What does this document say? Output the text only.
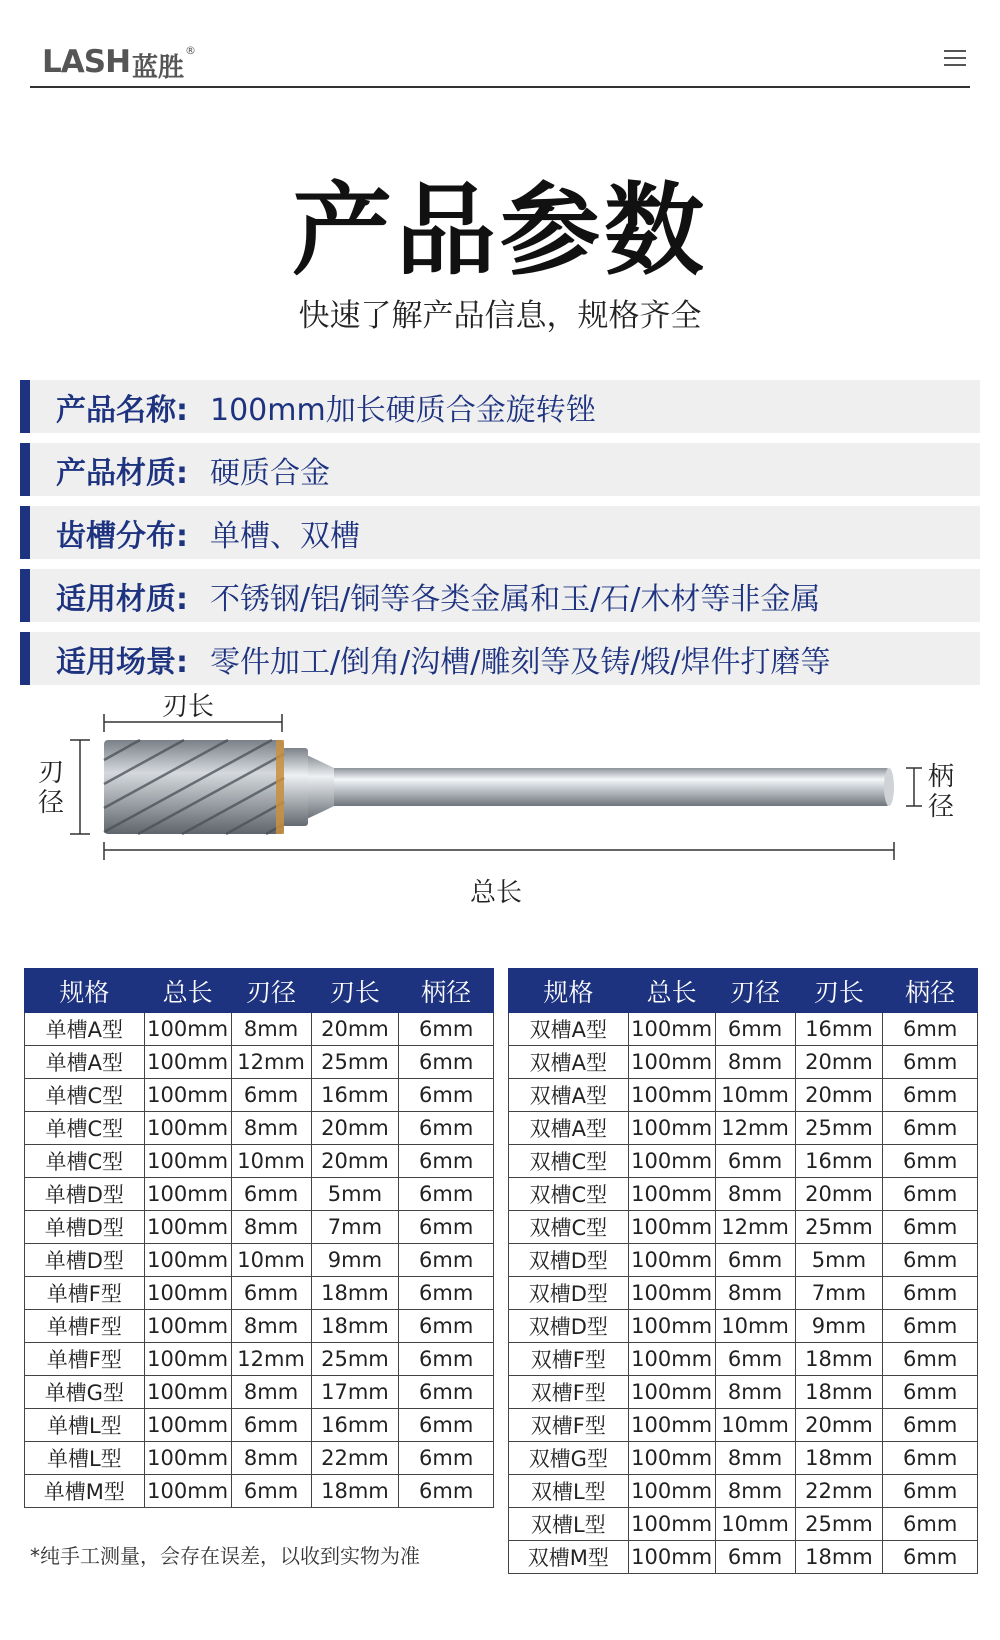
LASH 蓝胜
®
产品参数
快速了解产品信息，规格齐全
产品名称: 100mm加长硬质合金旋转锉
产品材质: 硬质合金
齿槽分布: 单槽、双槽
适用材质: 不锈钢/铝/铜等各类金属和玉/石/木材等非金属
适用场景: 零件加工/倒角/沟槽/雕刻等及铸/煅/焊件打磨等
刃长
刃
径
柄
径
总长
规格	总长	刃径	刃长	柄径
单槽A型	100mm	8mm	20mm	6mm
单槽A型	100mm	12mm	25mm	6mm
单槽C型	100mm	6mm	16mm	6mm
单槽C型	100mm	8mm	20mm	6mm
单槽C型	100mm	10mm	20mm	6mm
单槽D型	100mm	6mm	5mm	6mm
单槽D型	100mm	8mm	7mm	6mm
单槽D型	100mm	10mm	9mm	6mm
单槽F型	100mm	6mm	18mm	6mm
单槽F型	100mm	8mm	18mm	6mm
单槽F型	100mm	12mm	25mm	6mm
单槽G型	100mm	8mm	17mm	6mm
单槽L型	100mm	6mm	16mm	6mm
单槽L型	100mm	8mm	22mm	6mm
单槽M型	100mm	6mm	18mm	6mm
规格	总长	刃径	刃长	柄径
双槽A型	100mm	6mm	16mm	6mm
双槽A型	100mm	8mm	20mm	6mm
双槽A型	100mm	10mm	20mm	6mm
双槽A型	100mm	12mm	25mm	6mm
双槽C型	100mm	6mm	16mm	6mm
双槽C型	100mm	8mm	20mm	6mm
双槽C型	100mm	12mm	25mm	6mm
双槽D型	100mm	6mm	5mm	6mm
双槽D型	100mm	8mm	7mm	6mm
双槽D型	100mm	10mm	9mm	6mm
双槽F型	100mm	6mm	18mm	6mm
双槽F型	100mm	8mm	18mm	6mm
双槽F型	100mm	10mm	20mm	6mm
双槽G型	100mm	8mm	18mm	6mm
双槽L型	100mm	8mm	22mm	6mm
双槽L型	100mm	10mm	25mm	6mm
双槽M型	100mm	6mm	18mm	6mm
*纯手工测量，会存在误差，以收到实物为准
